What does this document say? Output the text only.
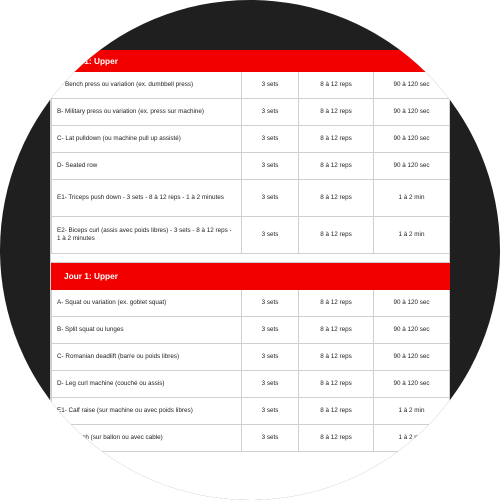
Jour 1: Upper			
A- Bench press ou variation (ex. dumbbell press)	3 sets	8 à 12 reps	90 à 120 sec
B- Military press ou variation (ex. press sur machine)	3 sets	8 à 12 reps	90 à 120 sec
C- Lat pulldown (ou machine pull up assisté)	3 sets	8 à 12 reps	90 à 120 sec
D- Seated row	3 sets	8 à 12 reps	90 à 120 sec
E1- Triceps push down - 3 sets - 8 à 12 reps - 1 à 2 minutes	3 sets	8 à 12 reps	1 à 2 min
E2- Biceps curl (assis avec poids libres) - 3 sets - 8 à 12 reps - 1 à 2 minutes	3 sets	8 à 12 reps	1 à 2 min

Jour 1: Upper			
A- Squat ou variation (ex. goblet squat)	3 sets	8 à 12 reps	90 à 120 sec
B- Split squat ou lunges	3 sets	8 à 12 reps	90 à 120 sec
C- Romanian deadlift (barre ou poids libres)	3 sets	8 à 12 reps	90 à 120 sec
D- Leg curl machine (couché ou assis)	3 sets	8 à 12 reps	90 à 120 sec
E1- Calf raise (sur machine ou avec poids libres)	3 sets	8 à 12 reps	1 à 2 min
E2- Crunch (sur ballon ou avec cable)	3 sets	8 à 12 reps	1 à 2 min
